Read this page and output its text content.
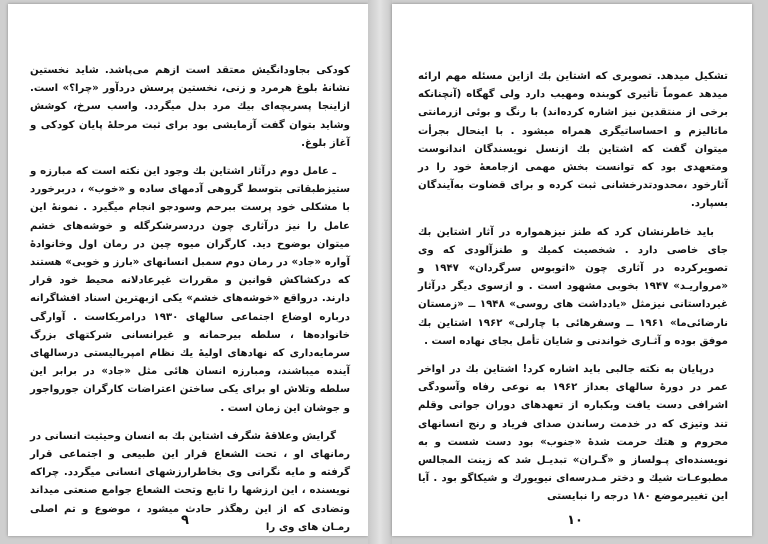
کودکی بجاودانگیش معتقد است ازهم می‌پاشد. شاید نخستین نشانهٔ بلوغ هرمرد و زنی، نخستین پرسش دردآور «چرا؟» است. ازاینجا پسربچه‌ای بیك مرد بدل میگردد. واسب سرخ، کوشش وشاید بتوان گفت آزمایشی بود برای ثبت مرحلهٔ پایان کودکی و آغاز بلوغ.

ـ عامل دوم درآثار اشتاین بك وجود این نکته است که مبارزه و ستیزطبقاتی بتوسط گروهی آدمهای ساده و «خوب» ، دربرخورد با مشکلی خود پرست ببرحم وسودجو انجام میگیرد . نمونهٔ این عامل را نیز درآثاری چون دردسرشکرگله و خوشه‌های خشم میتوان بوضوح دید. کارگران میوه چین در رمان اول وخانوادهٔ آواره «جاد» در رمان دوم سمبل انسانهای «بارز و خوبی» هستند که درکشاکش قوانین و مقررات غیرعادلانه محیط خود قرار دارند. درواقع «خوشه‌های خشم» یکی ازبهترین اسناد افشاگرانه درباره اوضاع اجتماعی سالهای ۱۹۳۰ درامریکاست . آوارگی خانواده‌ها ، سلطه بیرحمانه و غیرانسانی شرکتهای بزرگ سرمایه‌داری که نهادهای اولیهٔ یك نظام امپریالیستی درسالهای آینده میباشند، ومبارزه انسان هائی مثل «جاد» در برابر این سلطه وتلاش او برای یکی ساختن اعتراضات کارگران جورواجور و جوشان این زمان است .

گرایش وعلاقهٔ شگرف اشتاین بك به انسان وحیثیت انسانی در رمانهای او ، تحت الشعاع قرار این طبیعی و اجتماعی قرار گرفته و مایه نگرانی وی بخاطرارزشهای انسانی میگردد. چراکه نویسنده ، این ارزشها را تابع وتحت الشعاع جوامع صنعتی میداند وتضادی که از این رهگذر حادث میشود ، موضوع و تم اصلی رمـان های وی را

۹

تشکیل میدهد. تصویری که اشتاین بك ازاین مسئله مهم ارائه میدهد عموماً تأثیری کوبنده ومهیب دارد ولی گهگاه (آنچنانکه برخی از منتقدین نیز اشاره کرده‌اند) با رنگ و بوئی ازرمانتی ماتالیزم و احساساتیگری همراه میشود . با اینحال بجرأت میتوان گفت که اشتاین بك ازنسل نویسندگان اندانوست ومتعهدی بود که توانست بخش مهمی ازجامعهٔ خود را در آثارخود ،محدودتدرخشانی ثبت کرده و برای قضاوت به‌آیندگان بسپارد.

باید خاطرنشان کرد که طنز نیزهمواره در آثار اشتاین بك جای خاصی دارد . شخصیت کمیك و طنزآلودی که وی تصویرکرده در آثاری چون «اتوبوس سرگردان» ۱۹۴۷ و «مرواریـد» ۱۹۴۷ بخوبی مشهود است . و ازسوی دیگر درآثار غیرداستانی نیزمثل «یادداشت‌ های روسی» ۱۹۴۸ ــ «زمستان نارضائی‌ما» ۱۹۶۱ ــ وسفرهائی با چارلی» ۱۹۶۲ اشتاین بك موفق بوده و آثـاری خواندنی و شایان تأمل بجای نهاده است .

درپایان به نکته جالبی باید اشاره کرد! اشتاین بك در اواخر عمر در دورهٔ سالهای بعداز ۱۹۶۲ به نوعی رفاه وآسودگی اشرافی دست یافت وبکباره از تعهدهای دوران جوانی وقلم تند وتیزی که در خدمت رساندن صدای فریاد و رنج انسانهای محروم و هتك حرمت شدهٔ «جنوب» بود دست شست و به نویسنده‌ای پـولساز و «گـران» تبدیـل شد که زینت المجالس مطبوعـات شیك و دختر مـدرسه‌ای نیویورك و شیکاگو بود . آیا این تغییرموضع ۱۸۰ درجه را نبایستی

۱۰
